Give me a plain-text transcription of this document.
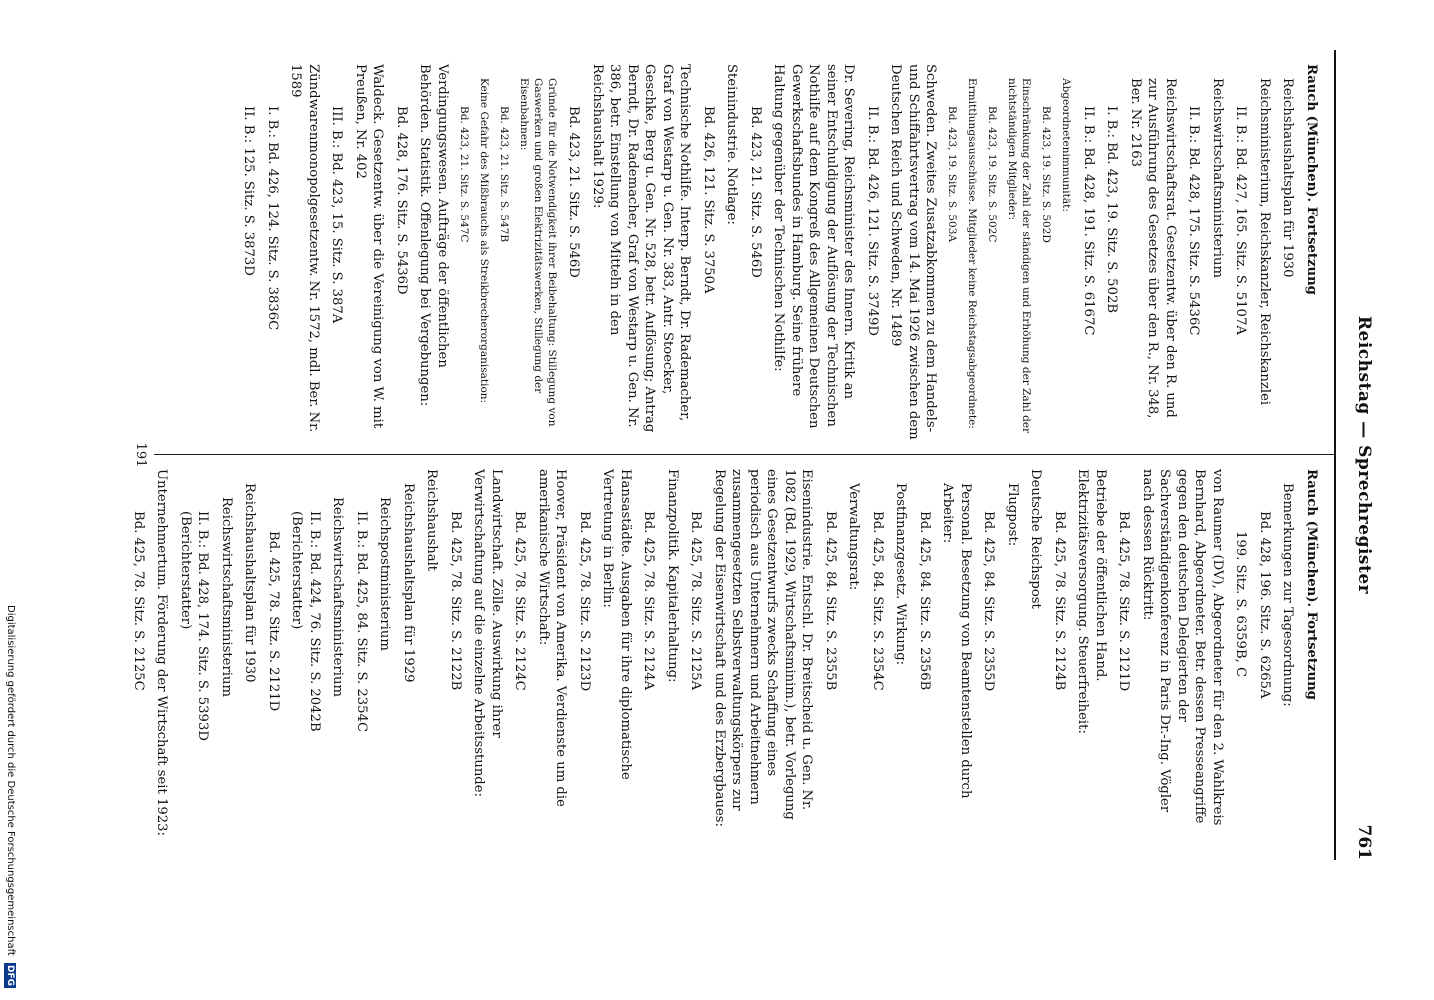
Reichstag — Sprechregister
761
Rauch (München). Fortsetzung
Reichshaushaltsplan für 1930
Reichsministerium, Reichskanzler, Reichskanzlei
II. B.: Bd. 427, 165. Sitz. S. 5107A
Reichswirtschaftsministerium
II. B.: Bd. 428, 175. Sitz. S. 5436C
Reichswirtschaftsrat. Gesetzentw. über den R. und zur Ausführung des Gesetzes über den R., Nr. 348, Ber. Nr. 2163
I. B.: Bd. 423, 19. Sitz. S. 502B
II. B.: Bd. 428, 191. Sitz. S. 6167C
Abgeordnetenimmunität:
Bd. 423, 19. Sitz. S. 502D
Einschränkung der Zahl der ständigen und Erhöhung der Zahl der nichtständigen Mitglieder:
Bd. 423, 19. Sitz. S. 502C
Ermittlungsausschüsse. Mitglieder keine Reichstagsabgeordnete:
Bd. 423, 19. Sitz. S. 503A
Schweden. Zweites Zusatzabkommen zu dem Handels- und Schiffahrtsvertrag vom 14. Mai 1926 zwischen dem Deutschen Reich und Schweden, Nr. 1489
II. B.: Bd. 426, 121. Sitz. S. 3749D
Dr. Severing, Reichsminister des Innern. Kritik an seiner Entschuldigung der Auflösung der Technischen Nothilfe auf dem Kongreß des Allgemeinen Deutschen Gewerkschaftsbundes in Hamburg. Seine frühere Haltung gegenüber der Technischen Nothilfe:
Bd. 423, 21. Sitz. S. 546D
Steinindustrie. Notlage:
Bd. 426, 121. Sitz. S. 3750A
Technische Nothilfe. Interp. Berndt, Dr. Rademacher, Graf von Westarp u. Gen. Nr. 383, Antr. Stoecker, Geschke, Berg u. Gen. Nr. 528, betr. Auflösung; Antrag Berndt, Dr. Rademacher, Graf von Westarp u. Gen. Nr. 386, betr. Einstellung von Mitteln in den Reichshaushalt 1929:
Bd. 423, 21. Sitz. S. 546D
Gründe für die Notwendigkeit ihrer Beibehaltung: Stillegung von Gaswerken und großen Elektrizitätswerken, Stillegung der Eisenbahnen:
Bd. 423, 21. Sitz. S. 547B
Keine Gefahr des Mißbrauchs als Streikbrecherorganisation:
Bd. 423, 21. Sitz. S. 547C
Verdingungswesen. Aufträge der öffentlichen Behörden. Statistik. Offenlegung bei Vergebungen:
Bd. 428, 176. Sitz. S. 5436D
Waldeck. Gesetzentw. über die Vereinigung von W. mit Preußen, Nr. 402
III. B.: Bd. 423, 15. Sitz. S. 387A
Zündwarenmonopolgesetzentw. Nr. 1572, mdl. Ber. Nr. 1589
I. B.: Bd. 426, 124. Sitz. S. 3836C
II. B.: 125. Sitz. S. 3873D
Rauch (München). Fortsetzung
Bemerkungen zur Tagesordnung:
Bd. 428, 196. Sitz. S. 6265A
199. Sitz. S. 6359B, C
von Raumer (DV), Abgeordneter für den 2. Wahlkreis Bernhard, Abgeordneter. Betr. dessen Presseangriffe gegen den deutschen Delegierten der Sachverständigenkonferenz in Paris Dr.-Ing. Vögler nach dessen Rücktritt:
Bd. 425, 78. Sitz. S. 2121D
Betriebe der öffentlichen Hand. Elektrizitätsversorgung. Steuerfreiheit:
Bd. 425, 78. Sitz. S. 2124B
Deutsche Reichspost
Flugpost:
Bd. 425, 84. Sitz. S. 2355D
Personal. Besetzung von Beamtenstellen durch Arbeiter:
Bd. 425, 84. Sitz. S. 2356B
Postfinanzgesetz. Wirkung:
Bd. 425, 84. Sitz. S. 2354C
Verwaltungsrat:
Bd. 425, 84. Sitz. S. 2355B
Eisenindustrie. Entschl. Dr. Breitscheid u. Gen. Nr. 1082 (Bd. 1929, Wirtschaftsminim.), betr. Vorlegung eines Gesetzentwurfs zwecks Schaffung eines periodisch aus Unternehmern und Arbeitnehmern zusammengesetzten Selbstverwaltungskörpers zur Regelung der Eisenwirtschaft und des Erzbergbaues:
Bd. 425, 78. Sitz. S. 2125A
Finanzpolitik. Kapitalerhaltung:
Bd. 425, 78. Sitz. S. 2124A
Hansastädte. Ausgaben für ihre diplomatische Vertretung in Berlin:
Bd. 425, 78. Sitz. S. 2123D
Hoover, Präsident von Amerika. Verdienste um die amerikanische Wirtschaft:
Bd. 425, 78. Sitz. S. 2124C
Landwirtschaft. Zölle. Auswirkung ihrer Verwirtschaftung auf die einzelne Arbeitsstunde:
Bd. 425, 78. Sitz. S. 2122B
Reichshaushalt
Reichshaushaltsplan für 1929
Reichspostministerium
II. B.: Bd. 425, 84. Sitz. S. 2354C
Reichswirtschaftsministerium
II. B.: Bd. 424, 76. Sitz. S. 2042B (Berichterstatter)
Bd. 425, 78. Sitz. S. 2121D
Reichshaushaltsplan für 1930
Reichswirtschaftsministerium
II. B.: Bd. 428, 174. Sitz. S. 5393D (Berichterstatter)
Unternehmertum. Förderung der Wirtschaft seit 1923:
Bd. 425, 78. Sitz. S. 2125C
191
Digitalisierung gefördert durch die Deutsche Forschungsgemeinschaft DFG
